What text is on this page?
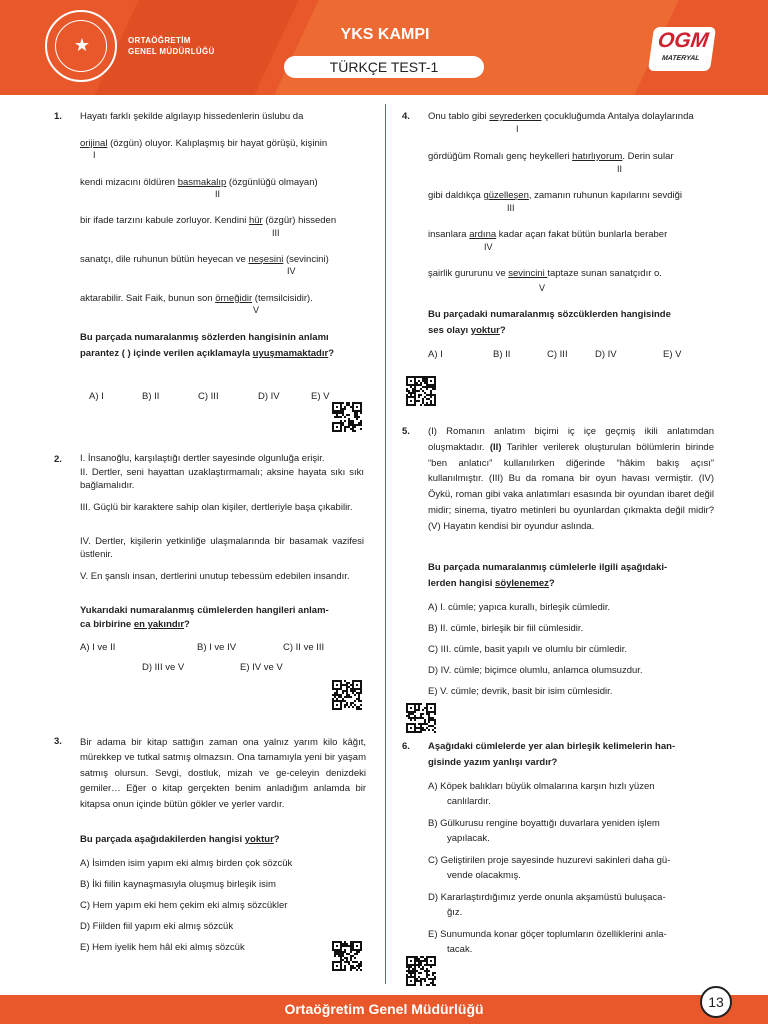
★	ORTAÖĞRETİM
GENEL MÜDÜRLÜĞÜ
YKS KAMPI
TÜRKÇE TEST-1
OGM
MATERYAL
1. Hayatı farklı şekilde algılayıp hissedenlerin üslubu da
orijinal (özgün) oluyor. Kalıplaşmış bir hayat görüşü, kişinin
I
kendi mizacını öldüren basmakalıp (özgünlüğü olmayan)
II
bir ifade tarzını kabule zorluyor. Kendini hür (özgür) hisseden
III
sanatçı, dile ruhunun bütün heyecan ve neşesini (sevincini)
IV
aktarabilir. Sait Faik, bunun son örneğidir (temsilcisidir).
V
Bu parçada numaralanmış sözlerden hangisinin anlamı
parantez ( ) içinde verilen açıklamayla uyuşmamaktadır?
A) I	B) II	C) III	D) IV	E) V
2. I. İnsanoğlu, karşılaştığı dertler sayesinde olgunluğa erişir.
II. Dertler, seni hayattan uzaklaştırmamalı; aksine hayata sıkı sıkı bağlamalıdır.
III. Güçlü bir karaktere sahip olan kişiler, dertleriyle başa çıkabilir.
IV. Dertler, kişilerin yetkinliğe ulaşmalarında bir basamak vazifesi üstlenir.
V. En şanslı insan, dertlerini unutup tebessüm edebilen insandır.
Yukarıdaki numaralanmış cümlelerden hangileri anlam-
ca birbirine en yakındır?
A) I ve II	B) I ve IV	C) II ve III
D) III ve V	E) IV ve V
3. Bir adama bir kitap sattığın zaman ona yalnız yarım kilo kâğıt, mürekkep ve tutkal satmış olmazsın. Ona tamamıyla yeni bir yaşam satmış olursun. Sevgi, dostluk, mizah ve ge-celeyin denizdeki gemiler… Eğer o kitap gerçekten benim anladığım anlamda bir kitapsa onun içinde bütün gökler ve yerler vardır.
Bu parçada aşağıdakilerden hangisi yoktur?
A) İsimden isim yapım eki almış birden çok sözcük
B) İki fiilin kaynaşmasıyla oluşmuş birleşik isim
C) Hem yapım eki hem çekim eki almış sözcükler
D) Fiilden fiil yapım eki almış sözcük
E) Hem iyelik hem hâl eki almış sözcük
4. Onu tablo gibi seyrederken çocukluğumda Antalya dolaylarında
I
gördüğüm Romalı genç heykelleri hatırlıyorum. Derin sular
II
gibi daldıkça güzelleşen, zamanın ruhunun kapılarını sevdiği
III
insanlara ardına kadar açan fakat bütün bunlarla beraber
IV
şairlik gururunu ve sevincini taptaze sunan sanatçıdır o.
V
Bu parçadaki numaralanmış sözcüklerden hangisinde
ses olayı yoktur?
A) I	B) II	C) III	D) IV	E) V
5. (I) Romanın anlatım biçimi iç içe geçmiş ikili anlatımdan oluşmaktadır. (II) Tarihler verilerek oluşturulan bölümlerin birinde “ben anlatıcı” kullanılırken diğerinde “hâkim bakış açısı” kullanılmıştır. (III) Bu da romana bir oyun havası vermiştir. (IV) Öykü, roman gibi vaka anlatımları esasında bir oyundan ibaret değil midir; sinema, tiyatro metinleri bu oyunlardan çıkmakta değil midir? (V) Hayatın kendisi bir oyundur aslında.
Bu parçada numaralanmış cümlelerle ilgili aşağıdaki-
lerden hangisi söylenemez?
A) I. cümle; yapıca kurallı, birleşik cümledir.
B) II. cümle, birleşik bir fiil cümlesidir.
C) III. cümle, basit yapılı ve olumlu bir cümledir.
D) IV. cümle; biçimce olumlu, anlamca olumsuzdur.
E) V. cümle; devrik, basit bir isim cümlesidir.
6. Aşağıdaki cümlelerde yer alan birleşik kelimelerin han-
gisinde yazım yanlışı vardır?
A) Köpek balıkları büyük olmalarına karşın hızlı yüzen
canlılardır.
B) Gülkurusu rengine boyattığı duvarlara yeniden işlem
yapılacak.
C) Geliştirilen proje sayesinde huzurevi sakinleri daha gü-
vende olacakmış.
D) Kararlaştırdığımız yerde onunla akşamüstü buluşaca-
ğız.
E) Sunumunda konar göçer toplumların özelliklerini anla-
tacak.
Ortaöğretim Genel Müdürlüğü	13
